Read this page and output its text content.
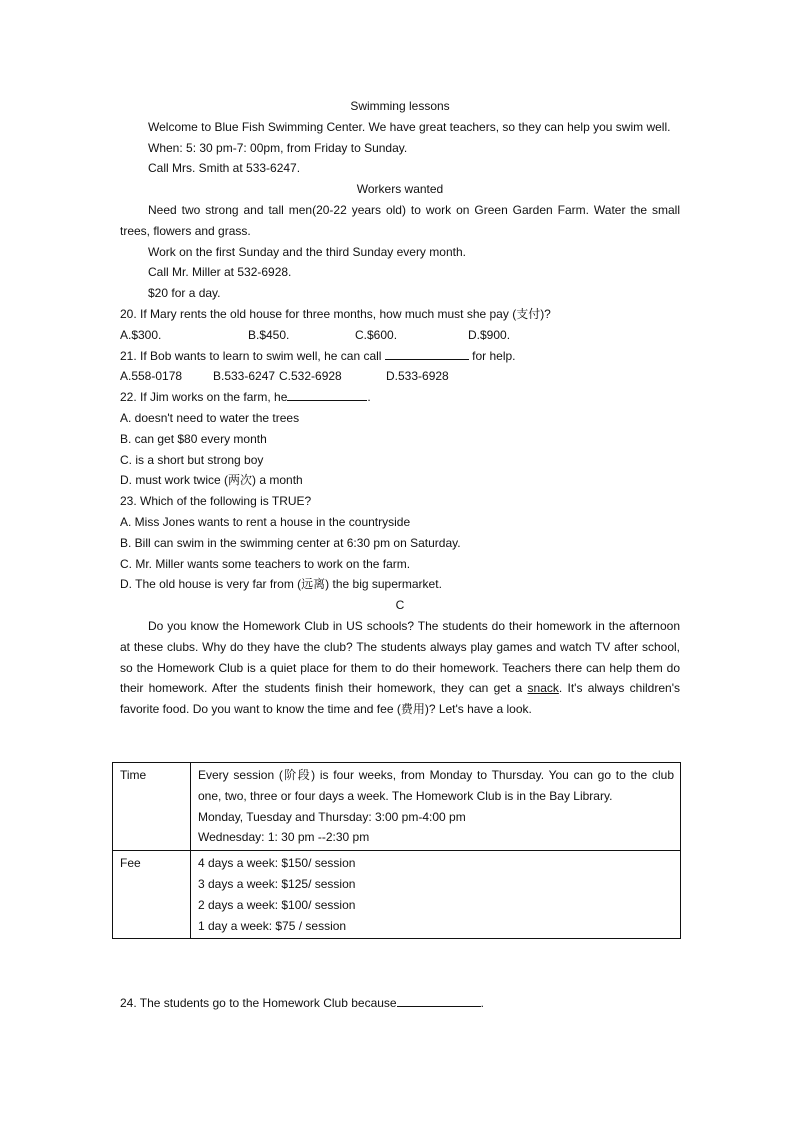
Swimming lessons

Welcome to Blue Fish Swimming Center. We have great teachers, so they can help you swim well.

When: 5: 30 pm-7: 00pm, from Friday to Sunday.

Call Mrs. Smith at 533-6247.

Workers wanted

Need two strong and tall men(20-22 years old) to work on Green Garden Farm. Water the small trees, flowers and grass.

Work on the first Sunday and the third Sunday every month.

Call Mr. Miller at 532-6928.

$20 for a day.

20. If Mary rents the old house for three months, how much must she pay (支付)?

A.$300.	B.$450.	C.$600.	D.$900.

21. If Bob wants to learn to swim well, he can call	for help.

A.558-0178	B.533-6247 C.532-6928	D.533-6928

22. If Jim works on the farm, he	.

A. doesn't need to water the trees

B. can get $80 every month

C. is a short but strong boy

D. must work twice (两次) a month

23. Which of the following is TRUE?

A. Miss Jones wants to rent a house in the countryside

B. Bill can swim in the swimming center at 6:30 pm on Saturday.

C. Mr. Miller wants some teachers to work on the farm.

D. The old house is very far from (远离) the big supermarket.

C

Do you know the Homework Club in US schools? The students do their homework in the afternoon at these clubs. Why do they have the club? The students always play games and watch TV after school, so the Homework Club is a quiet place for them to do their homework. Teachers there can help them do their homework. After the students finish their homework, they can get a snack. It's always children's favorite food. Do you want to know the time and fee (费用)? Let's have a look.

Time	Every session (阶段) is four weeks, from Monday to Thursday. You can go to the club one, two, three or four days a week. The Homework Club is in the Bay Library.
Monday, Tuesday and Thursday: 3:00 pm-4:00 pm
Wednesday: 1: 30 pm --2:30 pm

Fee	4 days a week: $150/ session
3 days a week: $125/ session
2 days a week: $100/ session
1 day a week: $75 / session

24. The students go to the Homework Club because	.
